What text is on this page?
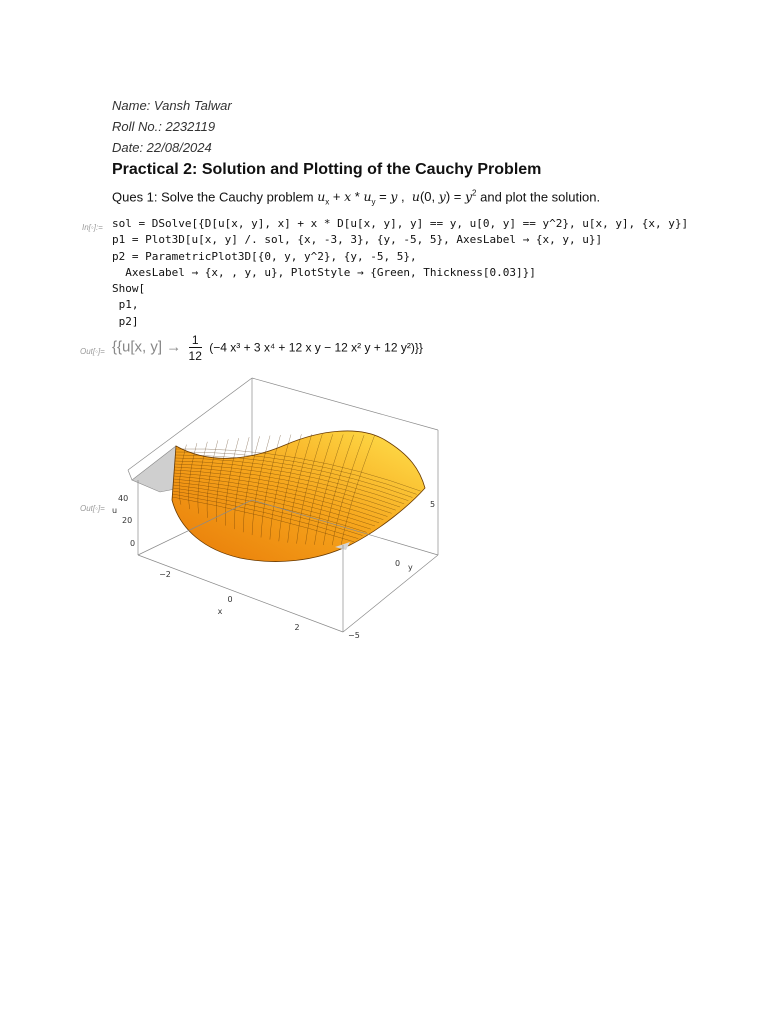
Name: Vansh Talwar
Roll No.: 2232119
Date: 22/08/2024
Practical 2: Solution and Plotting of the Cauchy Problem
Ques 1: Solve the Cauchy problem $u_x + x * u_y = y$ ,  u(0, $y) = y^2$ and plot the solution.
In[◦]:= sol = DSolve[{D[u[x, y], x] + x * D[u[x, y], y] == y, u[0, y] == y^2}, u[x, y], {x, y}]
p1 = Plot3D[u[x, y] /. sol, {x, -3, 3}, {y, -5, 5}, AxesLabel → {x, y, u}]
p2 = ParametricPlot3D[{0, y, y^2}, {y, -5, 5},
AxesLabel → {x, , y, u}, PlotStyle → {Green, Thickness[0.03]}]
Show[
p1,
p2]
Out[◦]= {{u[x, $y] \to \frac{1}{12} (-4$ x³ + 3 x⁴ + 12 x y − 12 x² y + 12 y²)}}
Out[◦]=
40
20
0
u
−2
0
2
x
5
0
−5
y
